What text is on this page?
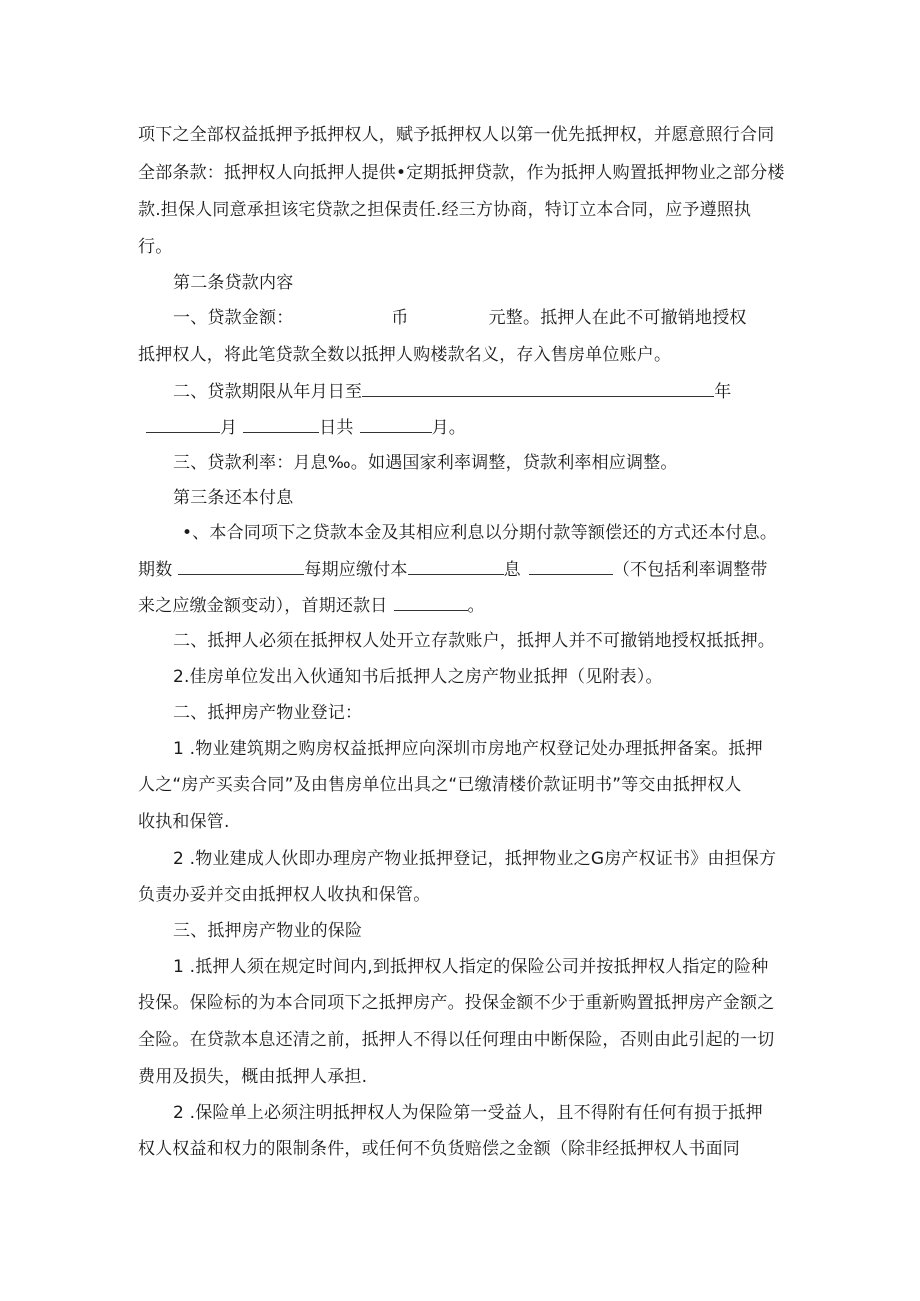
项下之全部权益抵押予抵押权人，赋予抵押权人以第一优先抵押权，并愿意照行合同
全部条款：抵押权人向抵押人提供•定期抵押贷款，作为抵押人购置抵押物业之部分楼
款.担保人同意承担该宅贷款之担保责任.经三方协商，特订立本合同，应予遵照执
行。
第二条贷款内容
一、贷款金额：	币	元整。抵押人在此不可撤销地授权
抵押权人，将此笔贷款全数以抵押人购楼款名义，存入售房单位账户。
二、贷款期限从年月日至	年
月	日共	月。
三、贷款利率：月息‰。如遇国家利率调整，贷款利率相应调整。
第三条还本付息
•、本合同项下之贷款本金及其相应利息以分期付款等额偿还的方式还本付息。
期数	每期应缴付本	息	（不包括利率调整带
来之应缴金额变动），首期还款日	。
二、抵押人必须在抵押权人处开立存款账户，抵押人并不可撤销地授权抵抵押。
2.佳房单位发出入伙通知书后抵押人之房产物业抵押（见附表）。
二、抵押房产物业登记：
1 .物业建筑期之购房权益抵押应向深圳市房地产权登记处办理抵押备案。抵押
人之“房产买卖合同”及由售房单位出具之“已缴清楼价款证明书”等交由抵押权人
收执和保管.
2 .物业建成人伙即办理房产物业抵押登记，抵押物业之G房产权证书》由担保方
负责办妥并交由抵押权人收执和保管。
三、抵押房产物业的保险
1 .抵押人须在规定时间内,到抵押权人指定的保险公司并按抵押权人指定的险种
投保。保险标的为本合同项下之抵押房产。投保金额不少于重新购置抵押房产金额之
全险。在贷款本息还清之前，抵押人不得以任何理由中断保险，否则由此引起的一切
费用及损失，概由抵押人承担.
2 .保险单上必须注明抵押权人为保险第一受益人，且不得附有任何有损于抵押
权人权益和权力的限制条件，或任何不负货赔偿之金额（除非经抵押权人书面同
